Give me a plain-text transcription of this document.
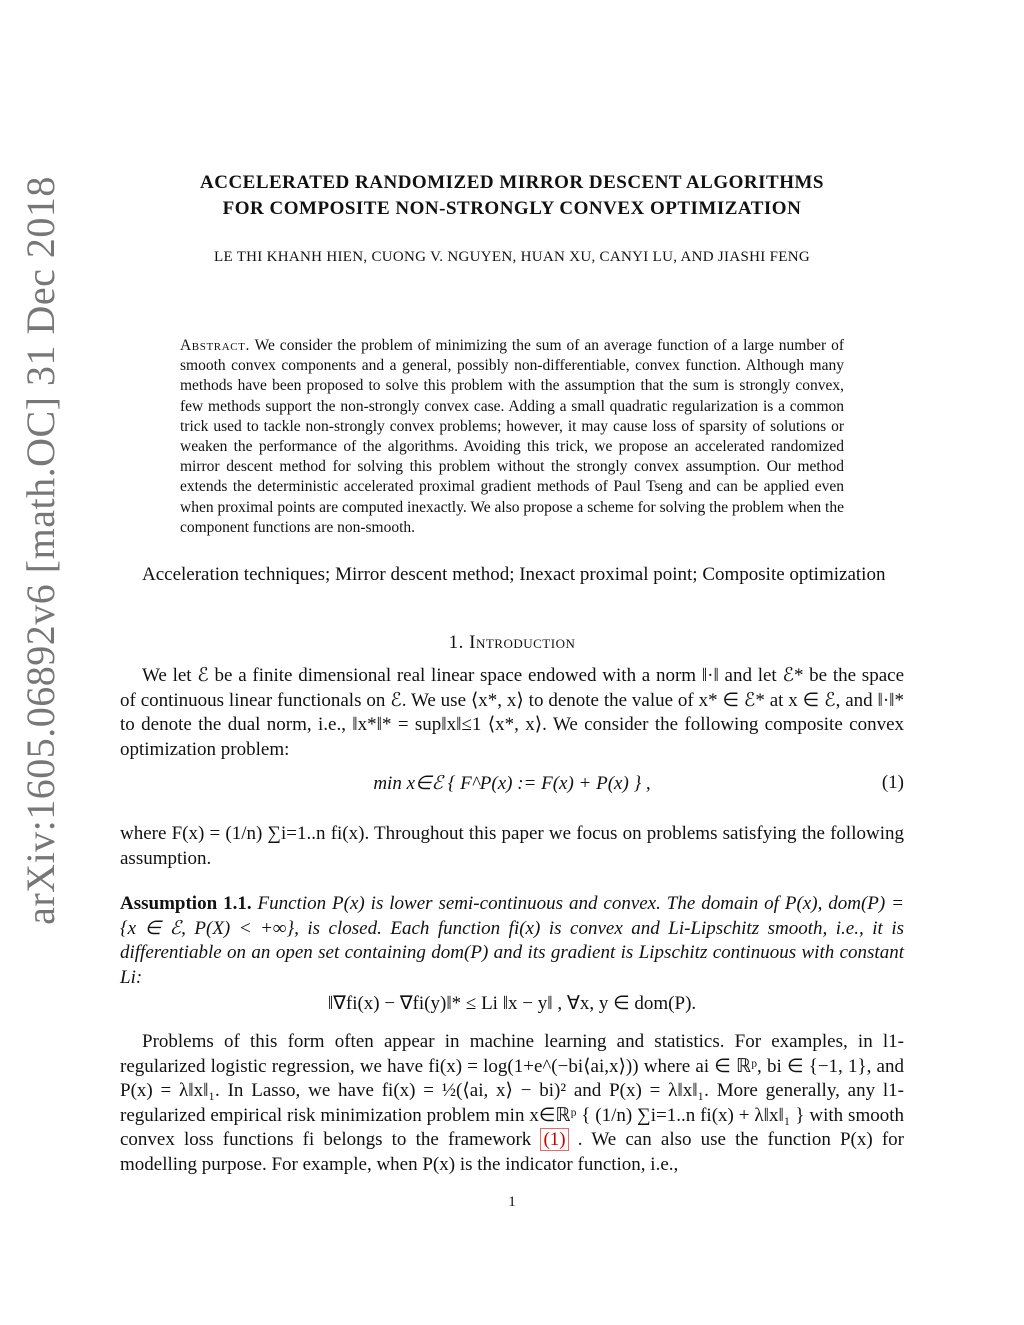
arXiv:1605.06892v6 [math.OC] 31 Dec 2018	ACCELERATED RANDOMIZED MIRROR DESCENT ALGORITHMS
FOR COMPOSITE NON-STRONGLY CONVEX OPTIMIZATION
LE THI KHANH HIEN, CUONG V. NGUYEN, HUAN XU, CANYI LU, AND JIASHI FENG
Abstract. We consider the problem of minimizing the sum of an average function of a large number of smooth convex components and a general, possibly non-differentiable, convex function. Although many methods have been proposed to solve this problem with the assumption that the sum is strongly convex, few methods support the non-strongly convex case. Adding a small quadratic regularization is a common trick used to tackle non-strongly convex problems; however, it may cause loss of sparsity of solutions or weaken the performance of the algorithms. Avoiding this trick, we propose an accelerated randomized mirror descent method for solving this problem without the strongly convex assumption. Our method extends the deterministic accelerated proximal gradient methods of Paul Tseng and can be applied even when proximal points are computed inexactly. We also propose a scheme for solving the problem when the component functions are non-smooth.
Acceleration techniques; Mirror descent method; Inexact proximal point; Composite optimization
1. Introduction
We let ℰ be a finite dimensional real linear space endowed with a norm ‖·‖ and let ℰ* be the space of continuous linear functionals on ℰ. We use ⟨x*, x⟩ to denote the value of x* ∈ ℰ* at x ∈ ℰ, and ‖·‖* to denote the dual norm, i.e., ‖x*‖* = sup‖x‖≤1 ⟨x*, x⟩. We consider the following composite convex optimization problem:
min x∈ℰ { F^P(x) := F(x) + P(x) } ,	(1)
where F(x) = (1/n) ∑i=1..n fi(x). Throughout this paper we focus on problems satisfying the following assumption.
Assumption 1.1. Function P(x) is lower semi-continuous and convex. The domain of P(x), dom(P) = {x ∈ ℰ, P(X) < +∞}, is closed. Each function fi(x) is convex and Li-Lipschitz smooth, i.e., it is differentiable on an open set containing dom(P) and its gradient is Lipschitz continuous with constant Li:
‖∇fi(x) − ∇fi(y)‖* ≤ Li ‖x − y‖ , ∀x, y ∈ dom(P).
Problems of this form often appear in machine learning and statistics. For examples, in l1-regularized logistic regression, we have fi(x) = log(1+e^(−bi⟨ai,x⟩)) where ai ∈ ℝᵖ, bi ∈ {−1, 1}, and P(x) = λ‖x‖₁. In Lasso, we have fi(x) = ½(⟨ai, x⟩ − bi)² and P(x) = λ‖x‖₁. More generally, any l1-regularized empirical risk minimization problem min x∈ℝᵖ { (1/n) ∑i=1..n fi(x) + λ‖x‖₁ } with smooth convex loss functions fi belongs to the framework (1) . We can also use the function P(x) for modelling purpose. For example, when P(x) is the indicator function, i.e.,
1
